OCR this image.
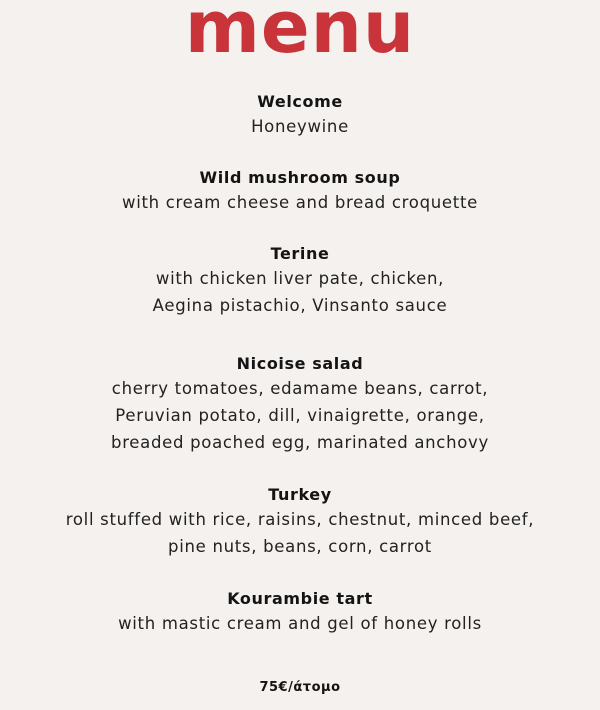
menu
Welcome
Honeywine
Wild mushroom soup
with cream cheese and bread croquette
Terine
with chicken liver pate, chicken,
Aegina pistachio, Vinsanto sauce
Nicoise salad
cherry tomatoes, edamame beans, carrot,
Peruvian potato, dill, vinaigrette, orange,
breaded poached egg, marinated anchovy
Turkey
roll stuffed with rice, raisins, chestnut, minced beef,
pine nuts, beans, corn, carrot
Kourambie tart
with mastic cream and gel of honey rolls
75€/άτομο
